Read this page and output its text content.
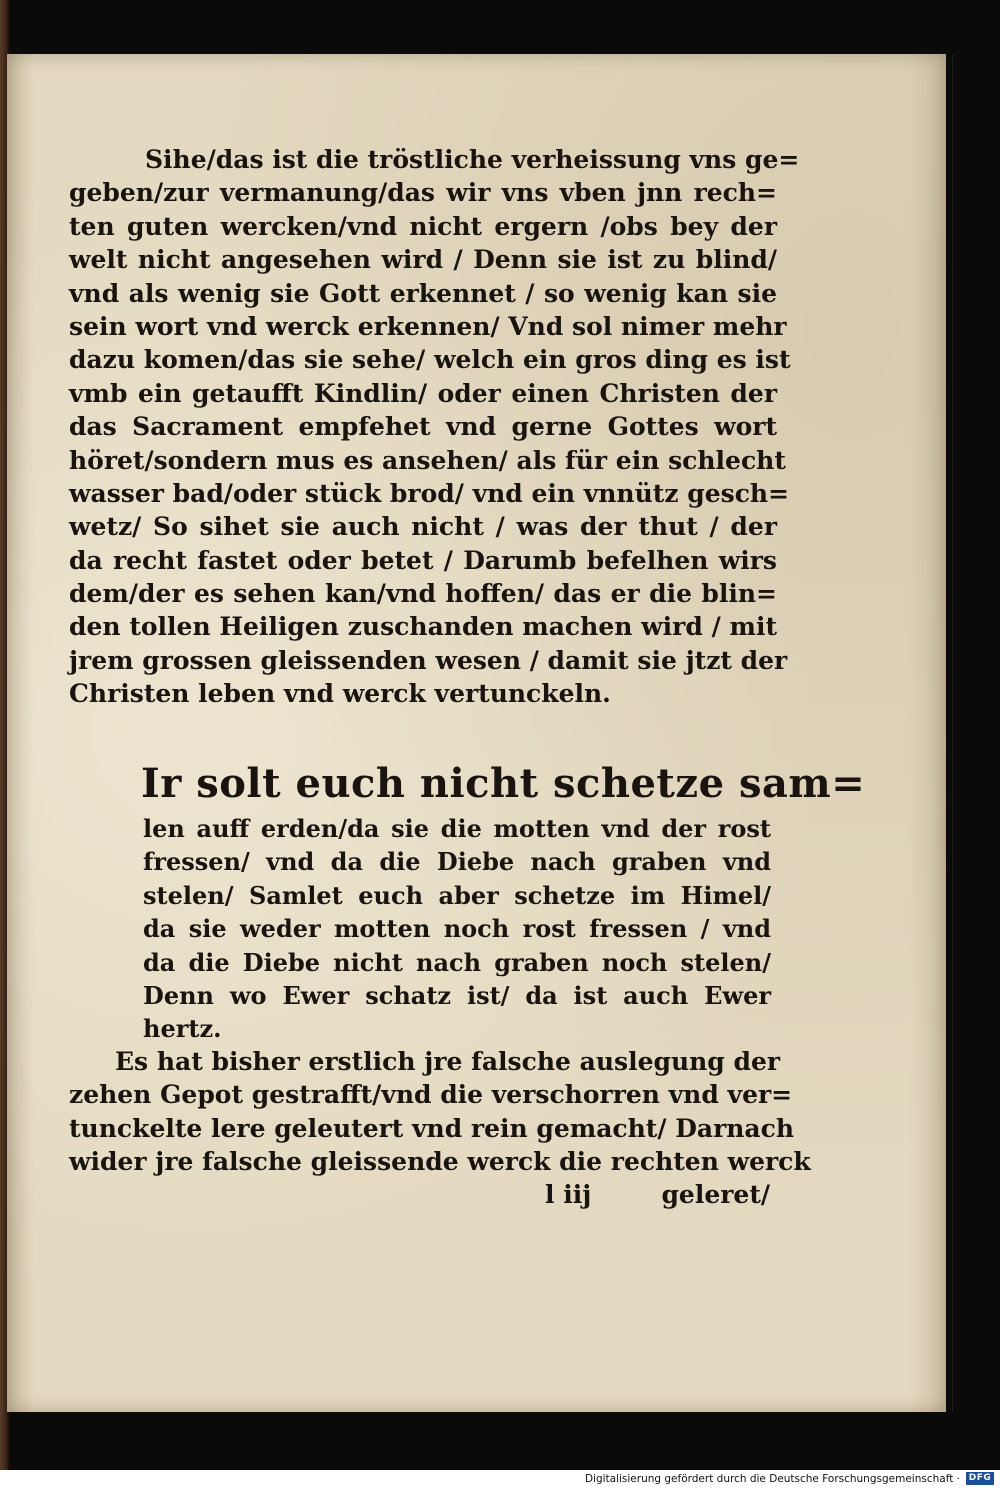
Sihe/das ist die tröstliche verheissung vns ge=
geben/zur vermanung/das wir vns vben jnn rech=
ten guten wercken/vnd nicht ergern /obs bey der
welt nicht angesehen wird / Denn sie ist zu blind/
vnd als wenig sie Gott erkennet / so wenig kan sie
sein wort vnd werck erkennen/ Vnd sol nimer mehr
dazu komen/das sie sehe/ welch ein gros ding es ist
vmb ein getaufft Kindlin/ oder einen Christen der
das Sacrament empfehet vnd gerne Gottes wort
höret/sondern mus es ansehen/ als für ein schlecht
wasser bad/oder stück brod/ vnd ein vnnütz gesch=
wetz/ So sihet sie auch nicht / was der thut / der
da recht fastet oder betet / Darumb befelhen wirs
dem/der es sehen kan/vnd hoffen/ das er die blin=
den tollen Heiligen zuschanden machen wird / mit
jrem grossen gleissenden wesen / damit sie jtzt der
Christen leben vnd werck vertunckeln.
Ir solt euch nicht schetze sam=
len auff erden/da sie die motten vnd der rost
fressen/ vnd da die Diebe nach graben vnd
stelen/ Samlet euch aber schetze im Himel/
da sie weder motten noch rost fressen / vnd
da die Diebe nicht nach graben noch stelen/
Denn wo Ewer schatz ist/ da ist auch Ewer
hertz.
Es hat bisher erstlich jre falsche auslegung der
zehen Gepot gestrafft/vnd die verschorren vnd ver=
tunckelte lere geleutert vnd rein gemacht/ Darnach
wider jre falsche gleissende werck die rechten werck
l iij	geleret/
Digitalisierung gefördert durch die Deutsche Forschungsgemeinschaft · DFG
